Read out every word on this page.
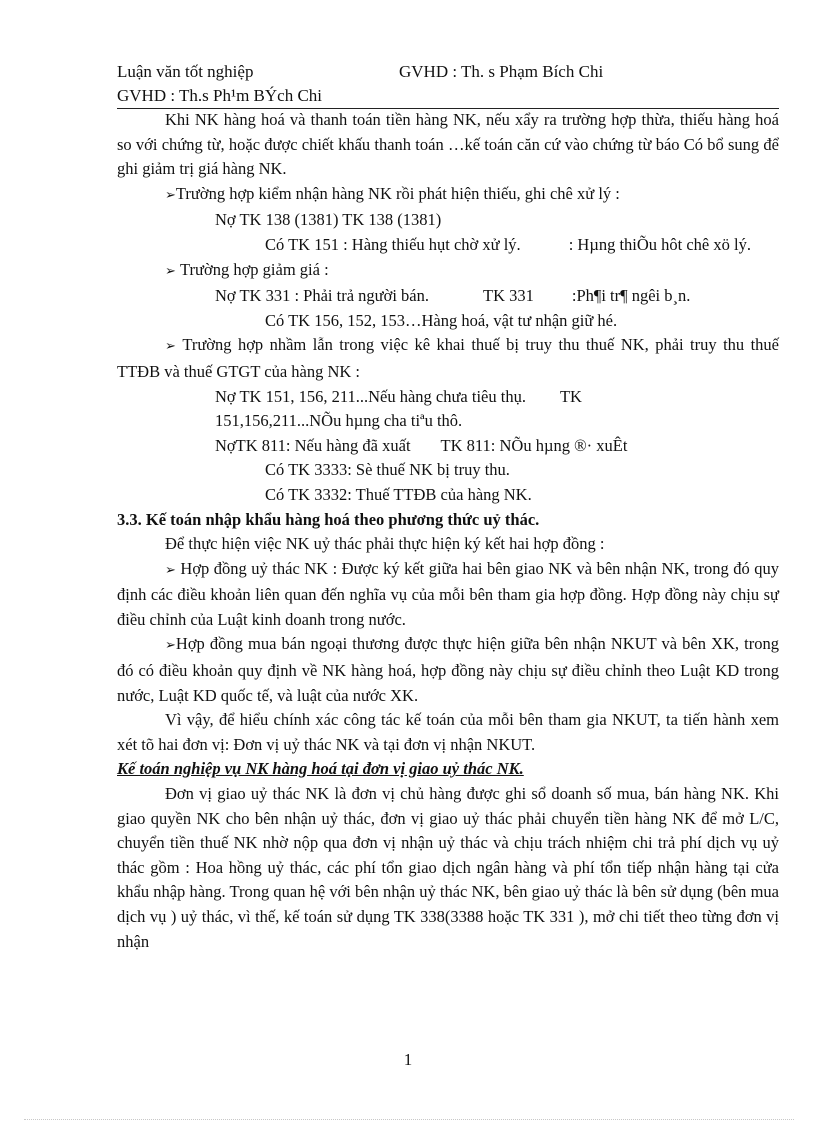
Luận văn tốt nghiệp	GVHD : Th. s Phạm Bích Chi
GVHD : Th.s Ph¹m BÝch Chi

Khi NK hàng hoá và thanh toán tiền hàng NK, nếu xẩy ra trường hợp thừa, thiếu hàng hoá so với chứng từ, hoặc được chiết khấu thanh toán …kế toán căn cứ vào chứng từ báo Có bổ sung để ghi giảm trị giá hàng NK.

➢Trường hợp kiểm nhận hàng NK rồi phát hiện thiếu, ghi chê xử lý :

Nợ TK 138 (1381) TK 138 (1381)

Có TK 151 : Hàng thiếu hụt chờ xử lý.	: Hµng thiÕu hôt chê xö lý.

➢ Trường hợp giảm giá :

Nợ TK 331 : Phải trả người bán.	TK 331 :Ph¶i tr¶ ngêi b¸n.

Có TK 156, 152, 153…Hàng hoá, vật tư nhận giữ hé.

➢ Trường hợp nhầm lẫn trong việc kê khai thuế bị truy thu thuế NK, phải truy thu thuế TTĐB và thuế GTGT của hàng NK :

Nợ TK 151, 156, 211...Nếu hàng chưa tiêu thụ. TK
151,156,211...NÕu hµng cha tiªu thô.

NợTK 811: Nếu hàng đã xuất TK 811: NÕu hµng ®· xuÊt

Có TK 3333: Sè thuế NK bị truy thu.

Có TK 3332: Thuế TTĐB của hàng NK.

3.3. Kế toán nhập khẩu hàng hoá theo phương thức uỷ thác.

Để thực hiện việc NK uỷ thác phải thực hiện ký kết hai hợp đồng :

➢ Hợp đồng uỷ thác NK : Được ký kết giữa hai bên giao NK và bên nhận NK, trong đó quy định các điều khoản liên quan đến nghĩa vụ của mỗi bên tham gia hợp đồng. Hợp đồng này chịu sự điều chỉnh của Luật kinh doanh trong nước.

➢Hợp đồng mua bán ngoại thương được thực hiện giữa bên nhận NKUT và bên XK, trong đó có điều khoản quy định về NK hàng hoá, hợp đồng này chịu sự điều chỉnh theo Luật KD trong nước, Luật KD quốc tế, và luật của nước XK.

Vì vậy, để hiểu chính xác công tác kế toán của mỗi bên tham gia NKUT, ta tiến hành xem xét tõ hai đơn vị: Đơn vị uỷ thác NK và tại đơn vị nhận NKUT.

Kế toán nghiệp vụ NK hàng hoá tại đơn vị giao uỷ thác NK.

Đơn vị giao uỷ thác NK là đơn vị chủ hàng được ghi sổ doanh số mua, bán hàng NK. Khi giao quyền NK cho bên nhận uỷ thác, đơn vị giao uỷ thác phải chuyển tiền hàng NK để mở L/C, chuyển tiền thuế NK nhờ nộp qua đơn vị nhận uỷ thác và chịu trách nhiệm chi trả phí dịch vụ uỷ thác gồm : Hoa hồng uỷ thác, các phí tổn giao dịch ngân hàng và phí tổn tiếp nhận hàng tại cửa khẩu nhập hàng. Trong quan hệ với bên nhận uỷ thác NK, bên giao uỷ thác là bên sử dụng (bên mua dịch vụ ) uỷ thác, vì thế, kế toán sử dụng TK 338(3388 hoặc TK 331 ), mở chi tiết theo từng đơn vị nhận

1
